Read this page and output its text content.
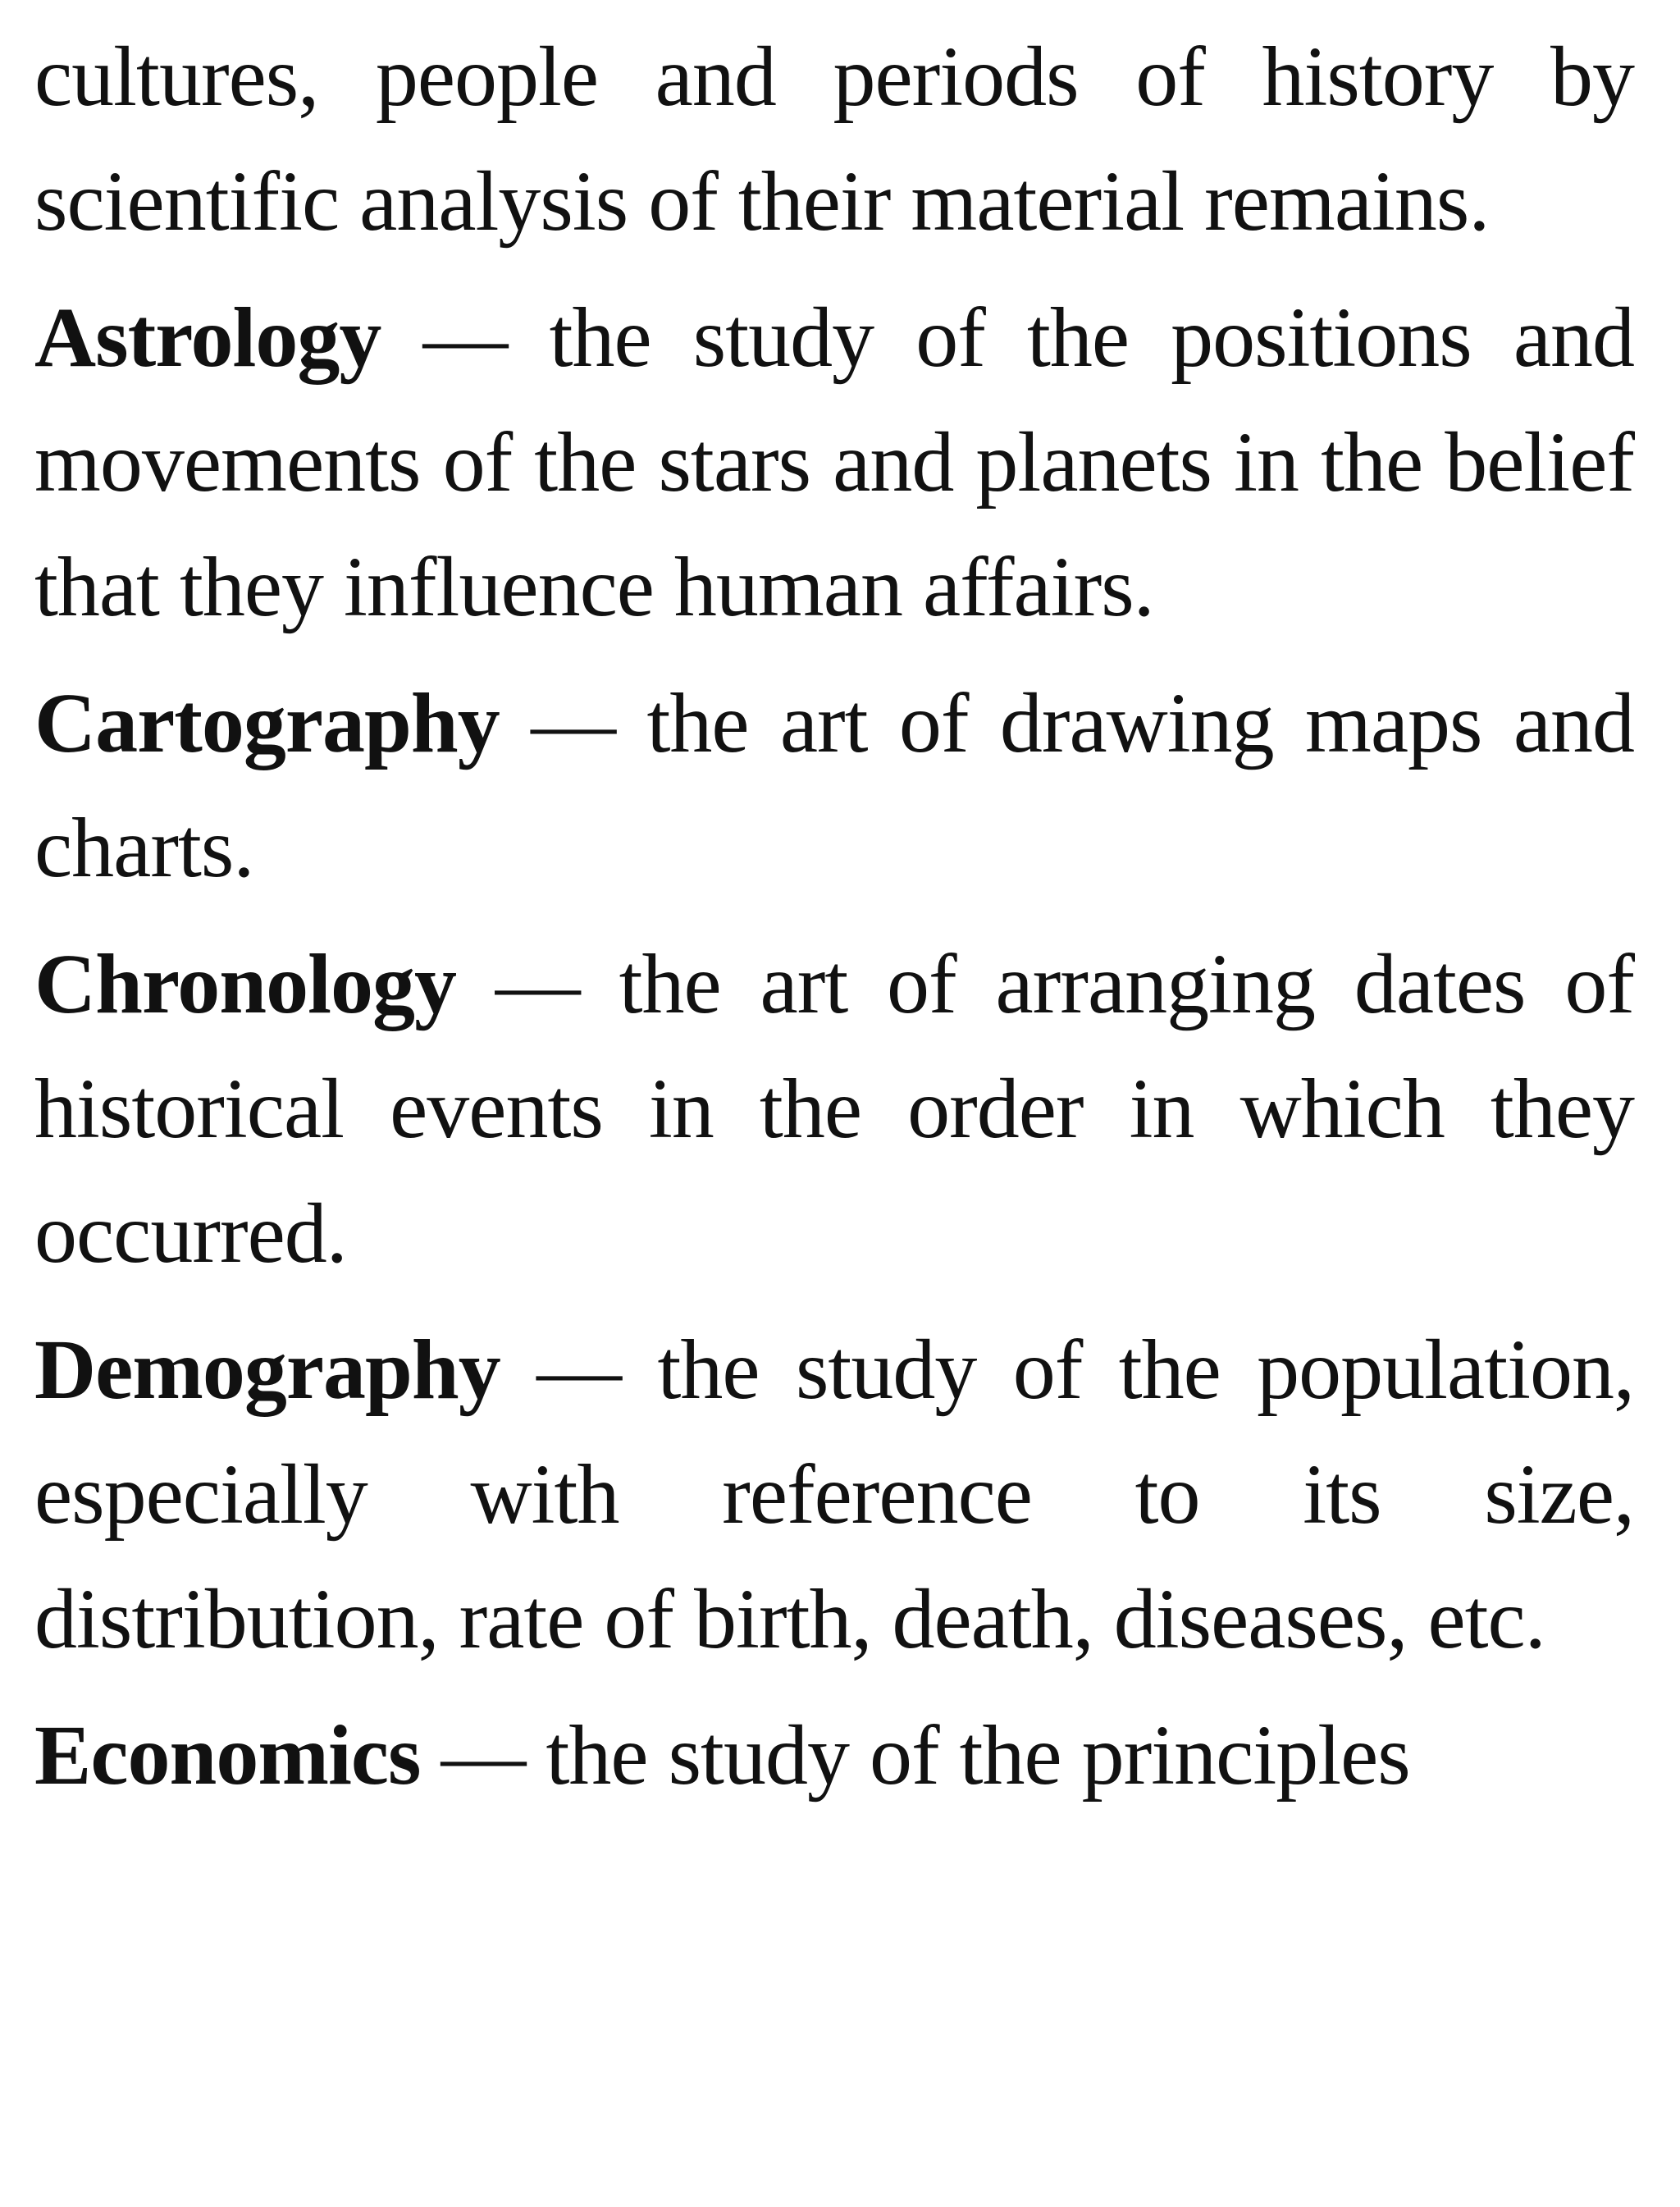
cultures, people and periods of history by scientific analysis of their material remains.

Astrology — the study of the positions and movements of the stars and planets in the belief that they influence human affairs.

Cartography — the art of drawing maps and charts.

Chronology — the art of arranging dates of historical events in the order in which they occurred.

Demography — the study of the population, especially with reference to its size, distribution, rate of birth, death, diseases, etc.

Economics — the study of the principles
